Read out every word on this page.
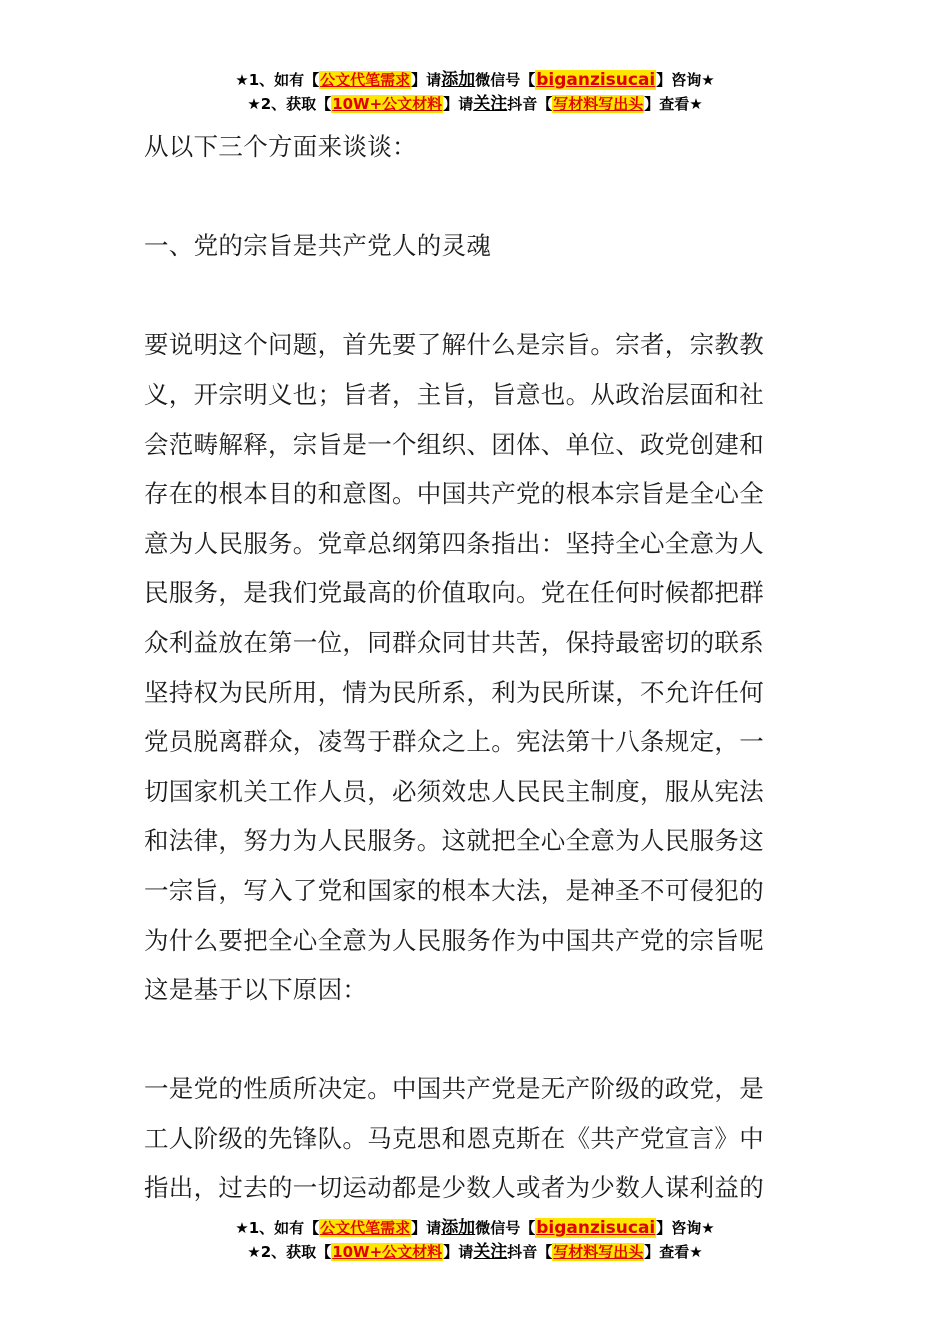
★1、如有【公文代笔需求】请添加微信号【biganzisucai】咨询★
★2、获取【10W+公文材料】请关注抖音【写材料写出头】查看★

从以下三个方面来谈谈：

一、党的宗旨是共产党人的灵魂

要说明这个问题，首先要了解什么是宗旨。宗者，宗教教

义，开宗明义也；旨者，主旨，旨意也。从政治层面和社

会范畴解释，宗旨是一个组织、团体、单位、政党创建和

存在的根本目的和意图。中国共产党的根本宗旨是全心全

意为人民服务。党章总纲第四条指出：坚持全心全意为人

民服务，是我们党最高的价值取向。党在任何时候都把群

众利益放在第一位，同群众同甘共苦，保持最密切的联系

坚持权为民所用，情为民所系，利为民所谋，不允许任何

党员脱离群众，凌驾于群众之上。宪法第十八条规定，一

切国家机关工作人员，必须效忠人民民主制度，服从宪法

和法律，努力为人民服务。这就把全心全意为人民服务这

一宗旨，写入了党和国家的根本大法，是神圣不可侵犯的

为什么要把全心全意为人民服务作为中国共产党的宗旨呢

这是基于以下原因：

一是党的性质所决定。中国共产党是无产阶级的政党，是

工人阶级的先锋队。马克思和恩克斯在《共产党宣言》中

指出，过去的一切运动都是少数人或者为少数人谋利益的

★1、如有【公文代笔需求】请添加微信号【biganzisucai】咨询★
★2、获取【10W+公文材料】请关注抖音【写材料写出头】查看★
